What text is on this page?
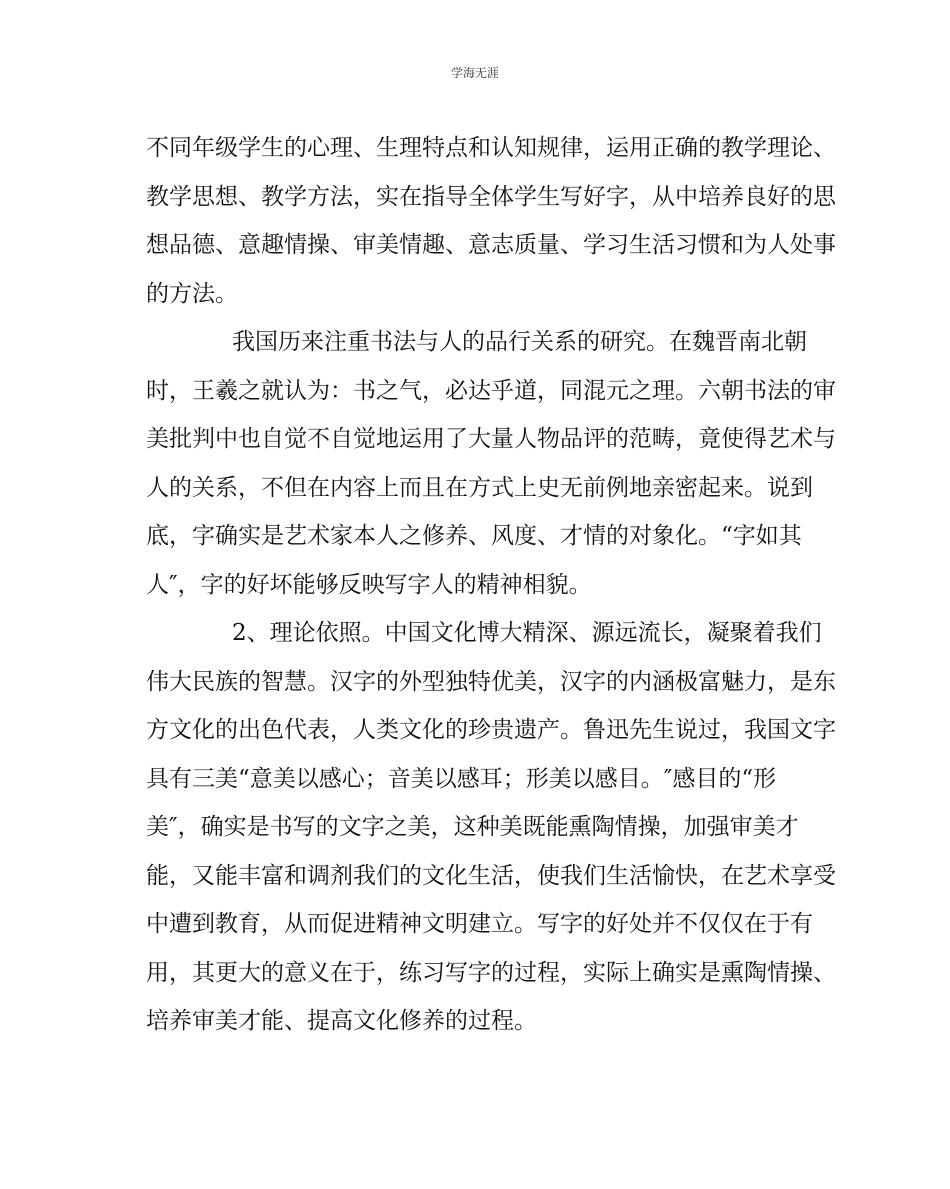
学海无涯
不同年级学生的心理、生理特点和认知规律，运用正确的教学理论、
教学思想、教学方法，实在指导全体学生写好字，从中培养良好的思
想品德、意趣情操、审美情趣、意志质量、学习生活习惯和为人处事
的方法。
我国历来注重书法与人的品行关系的研究。在魏晋南北朝
时，王羲之就认为：书之气，必达乎道，同混元之理。六朝书法的审
美批判中也自觉不自觉地运用了大量人物品评的范畴，竟使得艺术与
人的关系，不但在内容上而且在方式上史无前例地亲密起来。说到
底，字确实是艺术家本人之修养、风度、才情的对象化。“字如其
人″，字的好坏能够反映写字人的精神相貌。
2、理论依照。中国文化博大精深、源远流长，凝聚着我们
伟大民族的智慧。汉字的外型独特优美，汉字的内涵极富魅力，是东
方文化的出色代表，人类文化的珍贵遗产。鲁迅先生说过，我国文字
具有三美“意美以感心；音美以感耳；形美以感目。″感目的“形
美″，确实是书写的文字之美，这种美既能熏陶情操，加强审美才
能，又能丰富和调剂我们的文化生活，使我们生活愉快，在艺术享受
中遭到教育，从而促进精神文明建立。写字的好处并不仅仅在于有
用，其更大的意义在于，练习写字的过程，实际上确实是熏陶情操、
培养审美才能、提高文化修养的过程。
